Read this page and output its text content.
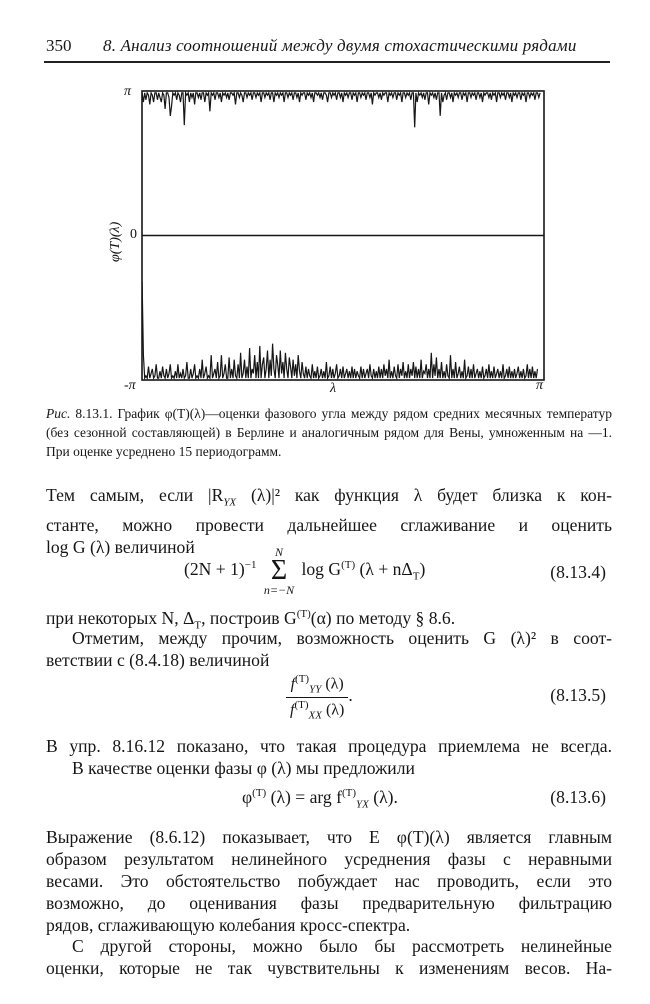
350 8. Анализ соотношений между двумя стохастическими рядами
π
0
-π	π
λ
φ(T)(λ)
Рис. 8.13.1. График φ(T)(λ)—оценки фазового угла между рядом средних месячных температур (без сезонной составляющей) в Берлине и аналогичным рядом для Вены, умноженным на —1. При оценке усреднено 15 периодограмм.
Тем самым, если $|R_{YX}$ (λ)|² как функция λ будет близка к кон-
станте, можно провести дальнейшее сглаживание и оценить
log G (λ) величиной
$(2N + 1)^{-1}$
N
Σ
n=−N
$\log G^{(T)}$ $(\lambda + n\Delta_T)$	(8.13.4)
при некоторых N, $\Delta_T$, построив $G^{(T)}(\alpha)$ по методу § 8.6.
Отметим, между прочим, возможность оценить G (λ)² в соот-
ветствии с (8.4.18) величиной
$\frac{f^{(T)}_{YY} (\lambda)}{f^{(T)}_{XX} (\lambda)}$ .	(8.13.5)
В упр. 8.16.12 показано, что такая процедура приемлема не всегда.
В качестве оценки фазы φ (λ) мы предложили
$\varphi^{(T)}$ (λ) = arg $f^{(T)}_{YX}$ (λ).	(8.13.6)
Выражение (8.6.12) показывает, что E φ(T)(λ) является главным
образом результатом нелинейного усреднения фазы с неравными
весами. Это обстоятельство побуждает нас проводить, если это
возможно, до оценивания фазы предварительную фильтрацию
рядов, сглаживающую колебания кросс-спектра.
С другой стороны, можно было бы рассмотреть нелинейные
оценки, которые не так чувствительны к изменениям весов. На-
